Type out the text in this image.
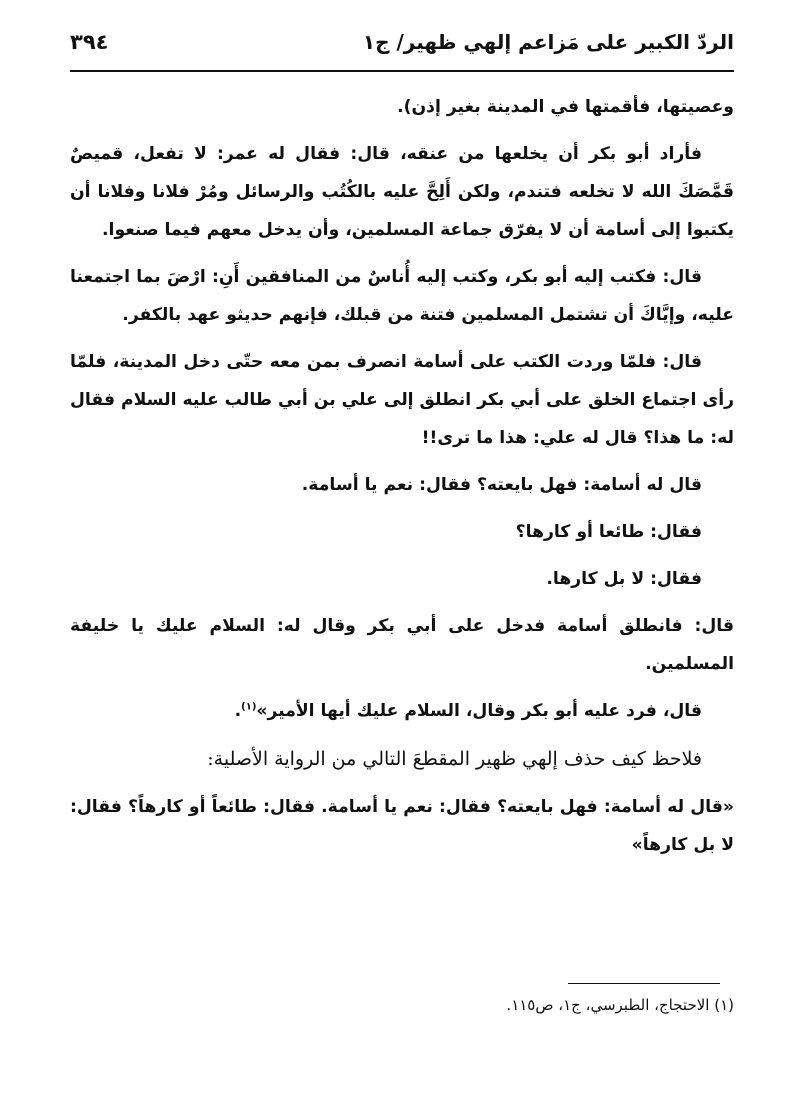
الردّ الكبير على مَزاعم إلهي ظهير/ ج١
٣٩٤

وعصيتها، فأقمتها في المدينة بغير إذن).

فأراد أبو بكر أن يخلعها من عنقه، قال: فقال له عمر: لا تفعل، قميصٌ قَمَّصَكَ الله لا تخلعه فتندم، ولكن أَلِحَّ عليه بالكُتُب والرسائل ومُرْ فلانا وفلانا أن يكتبوا إلى أسامة أن لا يفرّق جماعة المسلمين، وأن يدخل معهم فيما صنعوا.

قال: فكتب إليه أبو بكر، وكتب إليه أُناسٌ من المنافقين أَنِ: ارْضَ بما اجتمعنا عليه، وإيَّاكَ أن تشتمل المسلمين فتنة من قبلك، فإنهم حديثو عهد بالكفر.

قال: فلمّا وردت الكتب على أسامة انصرف بمن معه حتّى دخل المدينة، فلمّا رأى اجتماع الخلق على أبي بكر انطلق إلى علي بن أبي طالب عليه السلام فقال له: ما هذا؟ قال له علي: هذا ما ترى!!

قال له أسامة: فهل بايعته؟ فقال: نعم يا أسامة.

فقال: طائعا أو كارها؟

فقال: لا بل كارها.

قال: فانطلق أسامة فدخل على أبي بكر وقال له: السلام عليك يا خليفة المسلمين.

قال، فرد عليه أبو بكر وقال، السلام عليك أيها الأمير»$^{(١)}$.

فلاحظ كيف حذف إلهي ظهير المقطعَ التالي من الرواية الأصلية:

«قال له أسامة: فهل بايعته؟ فقال: نعم يا أسامة. فقال: طائعاً أو كارهاً؟ فقال: لا بل كارهاً»

(١) الاحتجاج، الطبرسي، ج١، ص١١٥.
